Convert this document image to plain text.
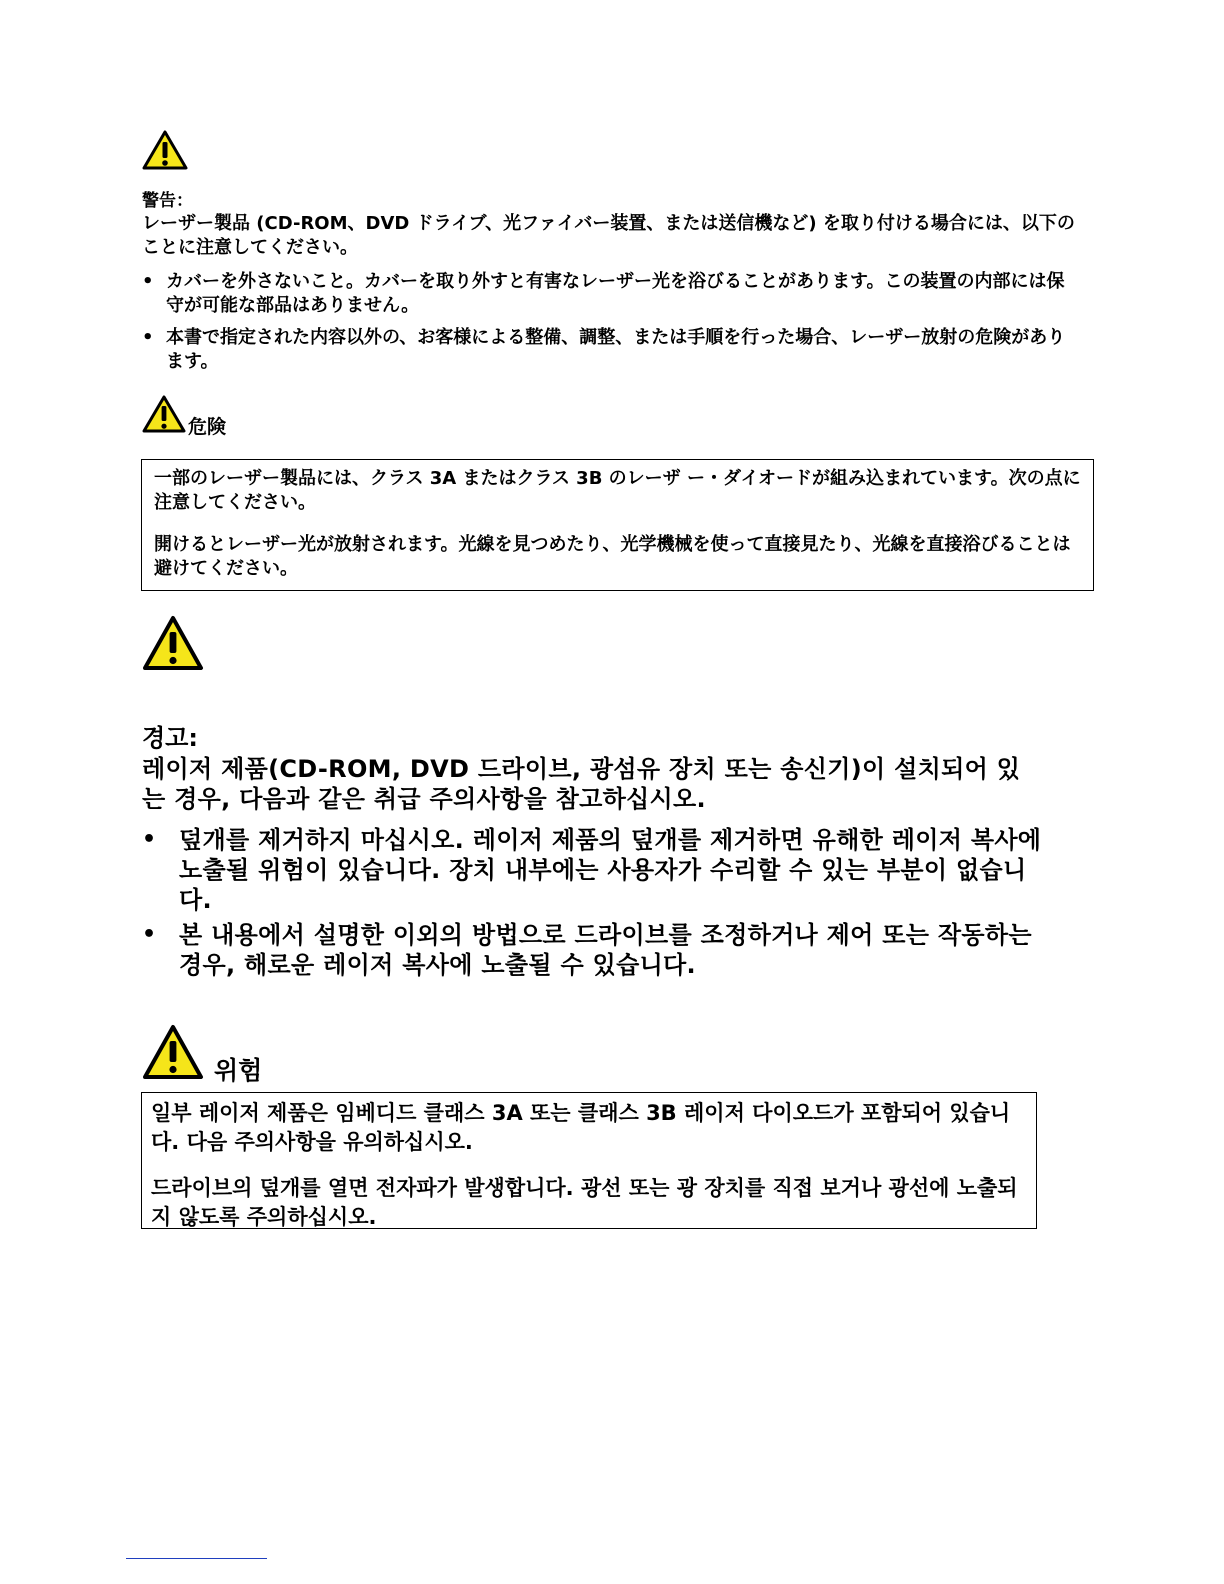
警告：
レーザー製品 (CD-ROM、DVD ドライブ、光ファイバー装置、または送信機など) を取り付ける場合には、以下のことに注意してください。
• カバーを外さないこと。カバーを取り外すと有害なレーザー光を浴びることがあります。この装置の内部には保守が可能な部品はありません。
• 本書で指定された内容以外の、お客様による整備、調整、または手順を行った場合、レーザー放射の危険があります。
危険
一部のレーザー製品には、クラス 3A またはクラス 3B のレーザ ー・ダイオードが組み込まれています。次の点に注意してください。
開けるとレーザー光が放射されます。光線を見つめたり、光学機械を使って直接見たり、光線を直接浴びることは避けてください。
경고:
레이저 제품(CD-ROM, DVD 드라이브, 광섬유 장치 또는 송신기)이 설치되어 있는 경우, 다음과 같은 취급 주의사항을 참고하십시오.
• 덮개를 제거하지 마십시오. 레이저 제품의 덮개를 제거하면 유해한 레이저 복사에 노출될 위험이 있습니다. 장치 내부에는 사용자가 수리할 수 있는 부분이 없습니다.
• 본 내용에서 설명한 이외의 방법으로 드라이브를 조정하거나 제어 또는 작동하는 경우, 해로운 레이저 복사에 노출될 수 있습니다.
위험
일부 레이저 제품은 임베디드 클래스 3A 또는 클래스 3B 레이저 다이오드가 포함되어 있습니다. 다음 주의사항을 유의하십시오.
드라이브의 덮개를 열면 전자파가 발생합니다. 광선 또는 광 장치를 직접 보거나 광선에 노출되지 않도록 주의하십시오.
